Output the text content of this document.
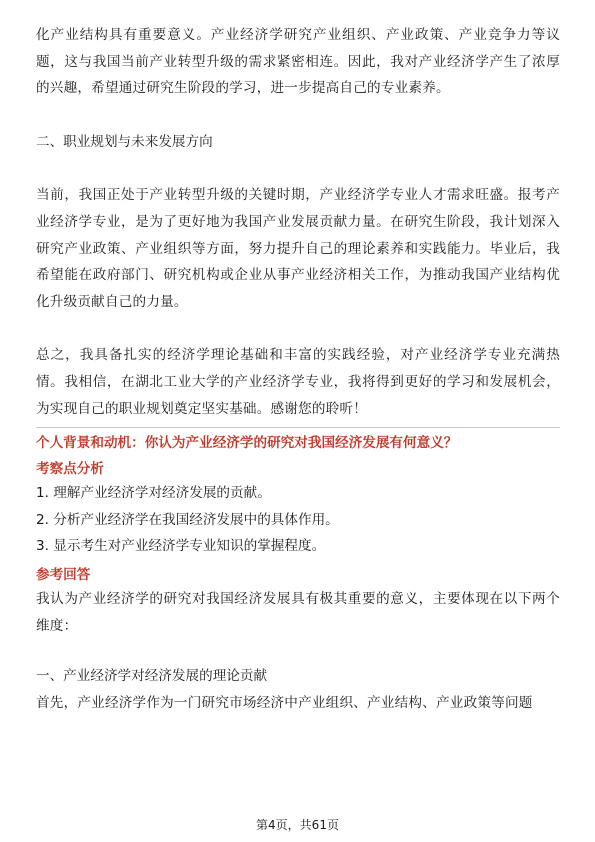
化产业结构具有重要意义。产业经济学研究产业组织、产业政策、产业竞争力等议题，这与我国当前产业转型升级的需求紧密相连。因此，我对产业经济学产生了浓厚的兴趣，希望通过研究生阶段的学习，进一步提高自己的专业素养。

二、职业规划与未来发展方向

当前，我国正处于产业转型升级的关键时期，产业经济学专业人才需求旺盛。报考产业经济学专业，是为了更好地为我国产业发展贡献力量。在研究生阶段，我计划深入研究产业政策、产业组织等方面，努力提升自己的理论素养和实践能力。毕业后，我希望能在政府部门、研究机构或企业从事产业经济相关工作，为推动我国产业结构优化升级贡献自己的力量。

总之，我具备扎实的经济学理论基础和丰富的实践经验，对产业经济学专业充满热情。我相信，在湖北工业大学的产业经济学专业，我将得到更好的学习和发展机会，为实现自己的职业规划奠定坚实基础。感谢您的聆听！

个人背景和动机：你认为产业经济学的研究对我国经济发展有何意义？

考察点分析

1. 理解产业经济学对经济发展的贡献。

2. 分析产业经济学在我国经济发展中的具体作用。

3. 显示考生对产业经济学专业知识的掌握程度。

参考回答

我认为产业经济学的研究对我国经济发展具有极其重要的意义，主要体现在以下两个维度：

一、产业经济学对经济发展的理论贡献

首先，产业经济学作为一门研究市场经济中产业组织、产业结构、产业政策等问题

第4页，共61页
